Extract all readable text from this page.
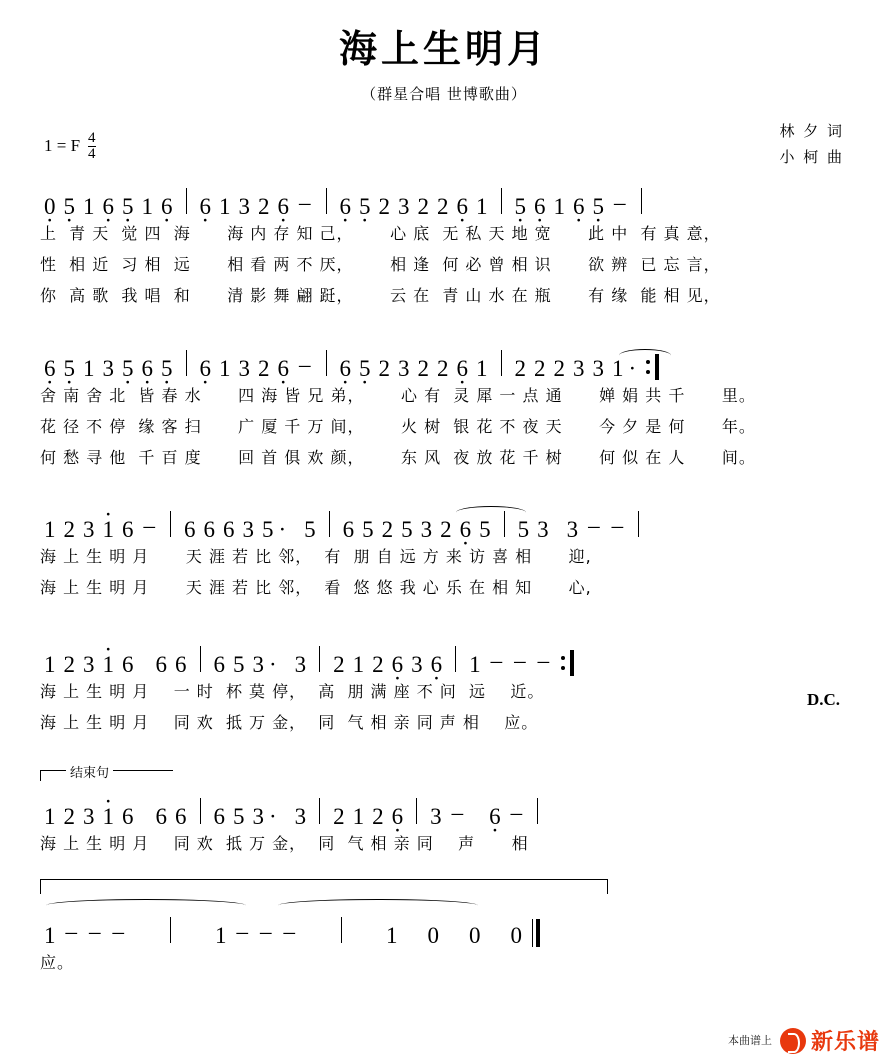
海上生明月
（群星合唱 世博歌曲）
1 = F $\frac{4}{4}$	林 夕 词
小 柯 曲
0 · 5 · 1 6 · 5 · 1 6 · 6 · 1 3 2 6 · – 6 · 5 · 2 3 2 2 6 · 1 5 · 6 · 1 6 · 5 · –
上  青 天  觉 四  海      海 内 存 知 己，      心 底  无 私 天 地 宽      此 中  有 真 意，
性  相 近  习 相  远      相 看 两 不 厌，      相 逢  何 必 曾 相 识      欲 辨  已 忘 言，
你  高 歌  我 唱  和      清 影 舞 翩 跹，      云 在  青 山 水 在 瓶      有 缘  能 相 见，
6 · 5 · 1 3 5 · 6 · 5 · 6 · 1 3 2 6 · – 6 · 5 · 2 3 2 2 6 · 1 2 2 2 3 3 1 ·
舍 南 舍 北  皆 春 水      四 海 皆 兄 弟，      心 有  灵 犀 一 点 通      婵 娟 共 千      里。
花 径 不 停  缘 客 扫      广 厦 千 万 间，      火 树  银 花 不 夜 天      今 夕 是 何      年。
何 愁 寻 他  千 百 度      回 首 俱 欢 颜，      东 风  夜 放 花 千 树      何 似 在 人      间。
1 2 3 · 1 6 – 6 6 6 3 5 · 5 6 5 2 5 3 2 6 · 5 5 3 3 – –
海 上 生 明 月      天 涯 若 比 邻，  有  朋 自 远 方 来 访 喜 相      迎,
海 上 生 明 月      天 涯 若 比 邻，  看  悠 悠 我 心 乐 在 相 知      心,
1 2 3 · 1 6 6 6 6 5 3 · 3 2 1 2 6 · 3 6 · 1 – – –
D.C.
海 上 生 明 月    一 时  杯 莫 停，  高  朋 满 座 不 问  远    近。
海 上 生 明 月    同 欢  抵 万 金，  同  气 相 亲 同 声 相    应。
结束句
1 2 3 · 1 6 6 6 6 5 3 · 3 2 1 2 6 · 3 – 6 · –
海 上 生 明 月    同 欢  抵 万 金，  同  气 相 亲 同    声      相
1 – – –	1 – – –	1 0 0 0
应。
本曲谱上 新乐谱
